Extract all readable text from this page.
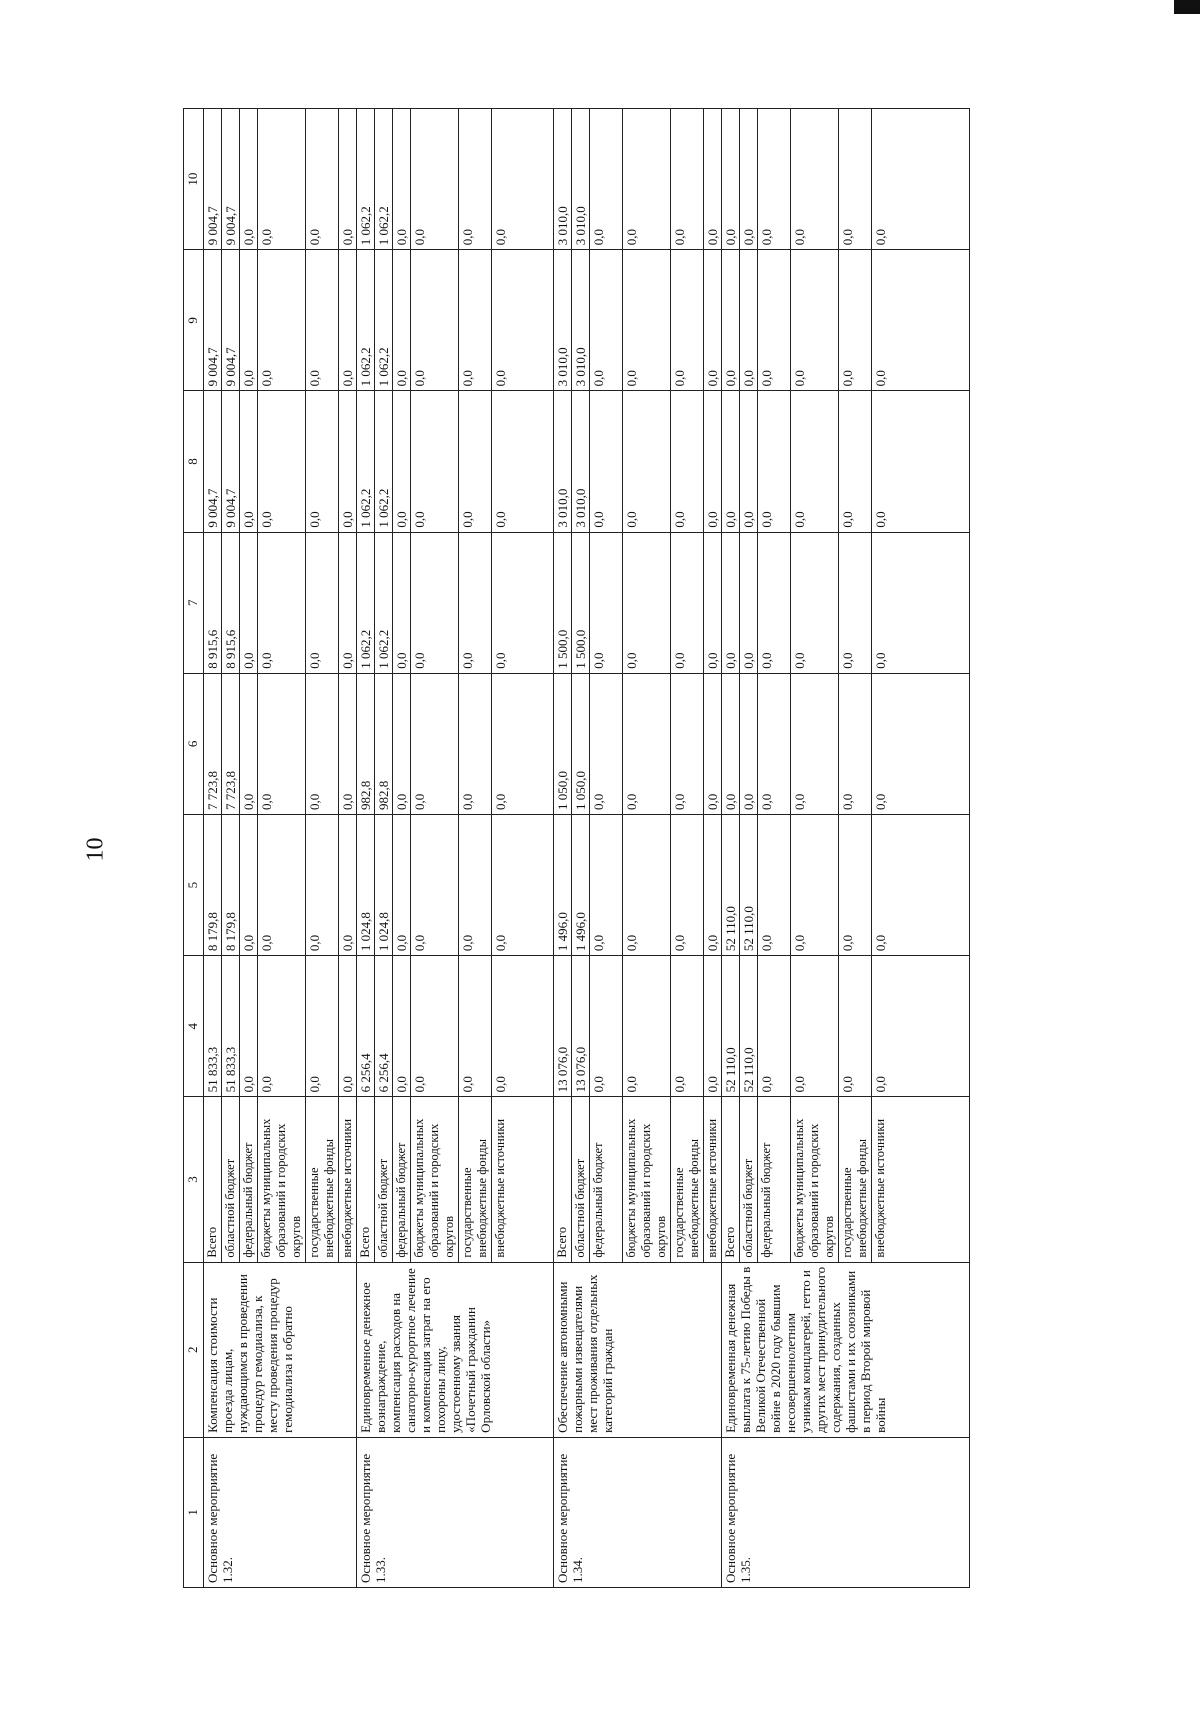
10
1	2	3	4	5	6	7	8	9	10
Основное мероприятие 1.32.	Компенсация стоимости проезда лицам, нуждающимся в проведении процедур гемодиализа, к месту проведения процедур гемодиализа и обратно	Всего	51 833,3	8 179,8	7 723,8	8 915,6	9 004,7	9 004,7	9 004,7
		областной бюджет	51 833,3	8 179,8	7 723,8	8 915,6	9 004,7	9 004,7	9 004,7
		федеральный бюджет	0,0	0,0	0,0	0,0	0,0	0,0	0,0
		бюджеты муниципальных образований и городских округов	0,0	0,0	0,0	0,0	0,0	0,0	0,0
		государственные внебюджетные фонды	0,0	0,0	0,0	0,0	0,0	0,0	0,0
		внебюджетные источники	0,0	0,0	0,0	0,0	0,0	0,0	0,0
Основное мероприятие 1.33.	Единовременное денежное вознаграждение, компенсация расходов на санаторно-курортное лечение и компенсация затрат на его похороны лицу, удостоенному звания «Почетный гражданин Орловской области»	Всего	6 256,4	1 024,8	982,8	1 062,2	1 062,2	1 062,2	1 062,2
		областной бюджет	6 256,4	1 024,8	982,8	1 062,2	1 062,2	1 062,2	1 062,2
		федеральный бюджет	0,0	0,0	0,0	0,0	0,0	0,0	0,0
		бюджеты муниципальных образований и городских округов	0,0	0,0	0,0	0,0	0,0	0,0	0,0
		государственные внебюджетные фонды	0,0	0,0	0,0	0,0	0,0	0,0	0,0
		внебюджетные источники	0,0	0,0	0,0	0,0	0,0	0,0	0,0
Основное мероприятие 1.34.	Обеспечение автономными пожарными извещателями мест проживания отдельных категорий граждан	Всего	13 076,0	1 496,0	1 050,0	1 500,0	3 010,0	3 010,0	3 010,0
		областной бюджет	13 076,0	1 496,0	1 050,0	1 500,0	3 010,0	3 010,0	3 010,0
		федеральный бюджет	0,0	0,0	0,0	0,0	0,0	0,0	0,0
		бюджеты муниципальных образований и городских округов	0,0	0,0	0,0	0,0	0,0	0,0	0,0
		государственные внебюджетные фонды	0,0	0,0	0,0	0,0	0,0	0,0	0,0
		внебюджетные источники	0,0	0,0	0,0	0,0	0,0	0,0	0,0
Основное мероприятие 1.35.	Единовременная денежная выплата к 75-летию Победы в Великой Отечественной войне в 2020 году бывшим несовершеннолетним узникам концлагерей, гетто и других мест принудительного содержания, созданных фашистами и их союзниками в период Второй мировой войны	Всего	52 110,0	52 110,0	0,0	0,0	0,0	0,0	0,0
		областной бюджет	52 110,0	52 110,0	0,0	0,0	0,0	0,0	0,0
		федеральный бюджет	0,0	0,0	0,0	0,0	0,0	0,0	0,0
		бюджеты муниципальных образований и городских округов	0,0	0,0	0,0	0,0	0,0	0,0	0,0
		государственные внебюджетные фонды	0,0	0,0	0,0	0,0	0,0	0,0	0,0
		внебюджетные источники	0,0	0,0	0,0	0,0	0,0	0,0	0,0
